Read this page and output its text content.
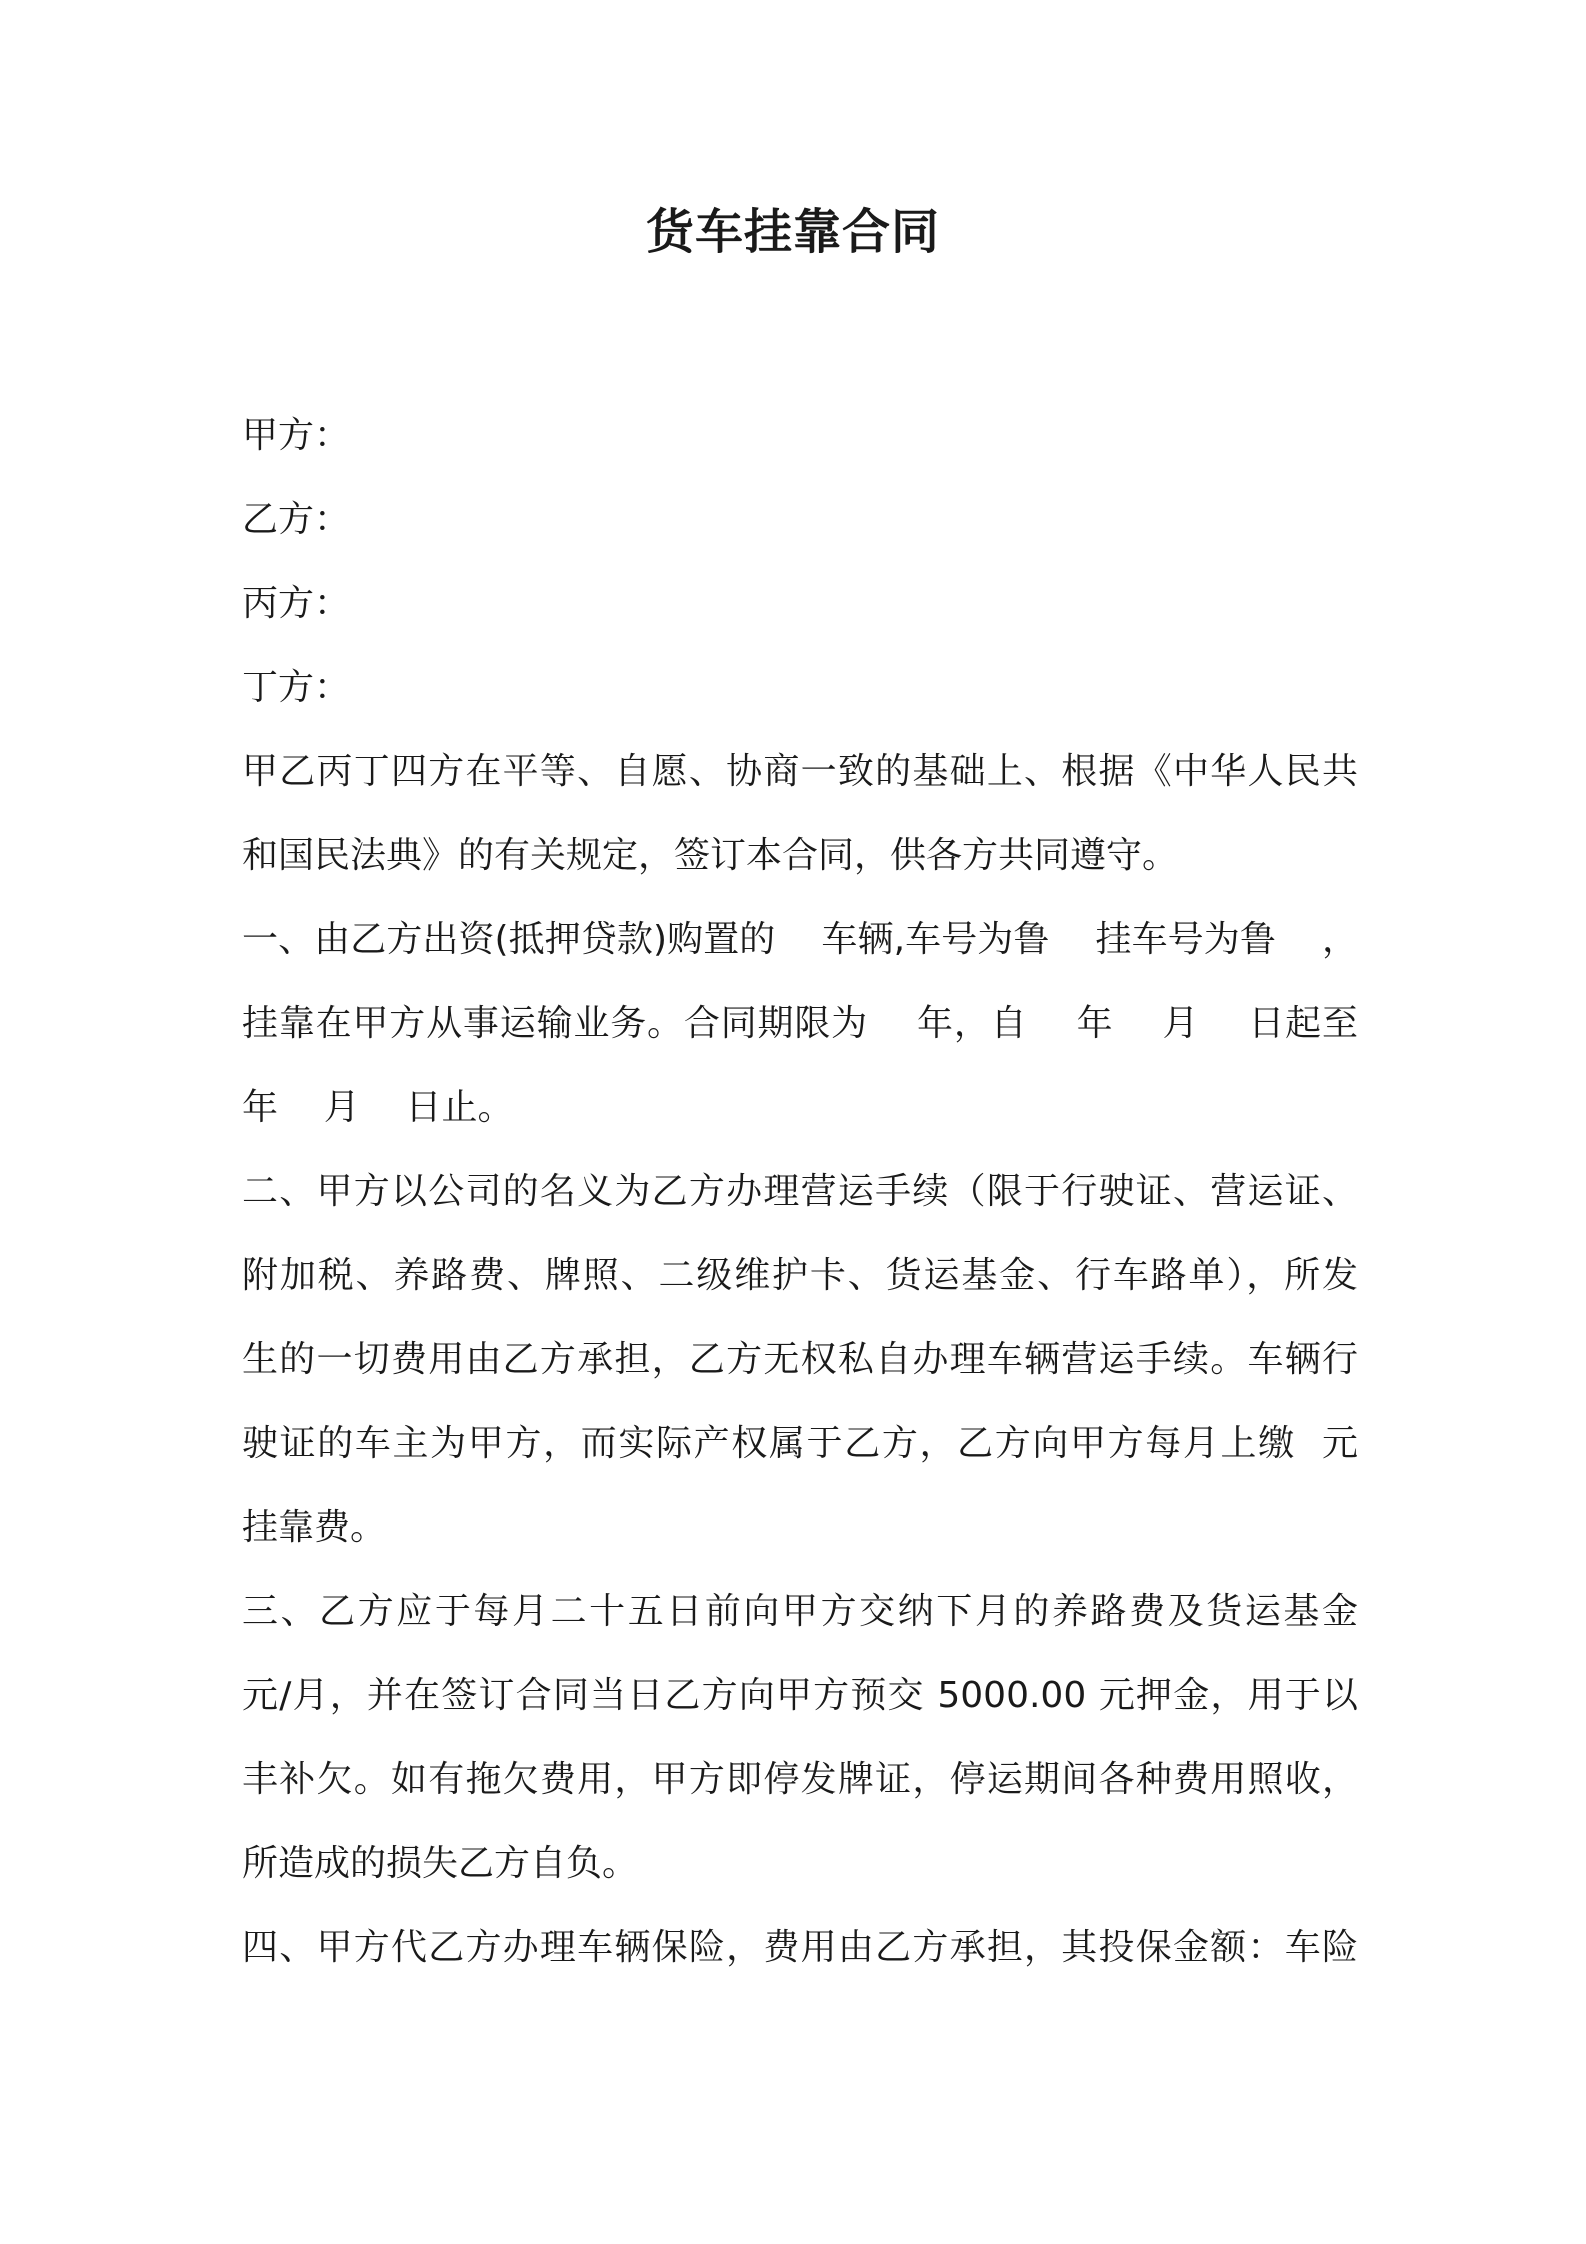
货车挂靠合同
甲方：
乙方：
丙方：
丁方：
甲乙丙丁四方在平等、自愿、协商一致的基础上、根据《中华人民共
和国民法典》的有关规定，签订本合同，供各方共同遵守。
一、由乙方出资(抵押贷款)购置的    车辆,车号为鲁    挂车号为鲁    ，
挂靠在甲方从事运输业务。合同期限为    年，自    年    月    日起至
年    月    日止。
二、甲方以公司的名义为乙方办理营运手续（限于行驶证、营运证、
附加税、养路费、牌照、二级维护卡、货运基金、行车路单），所发
生的一切费用由乙方承担，乙方无权私自办理车辆营运手续。车辆行
驶证的车主为甲方，而实际产权属于乙方，乙方向甲方每月上缴  元
挂靠费。
三、乙方应于每月二十五日前向甲方交纳下月的养路费及货运基金
元/月，并在签订合同当日乙方向甲方预交 5000.00 元押金，用于以
丰补欠。如有拖欠费用，甲方即停发牌证，停运期间各种费用照收，
所造成的损失乙方自负。
四、甲方代乙方办理车辆保险，费用由乙方承担，其投保金额：车险
